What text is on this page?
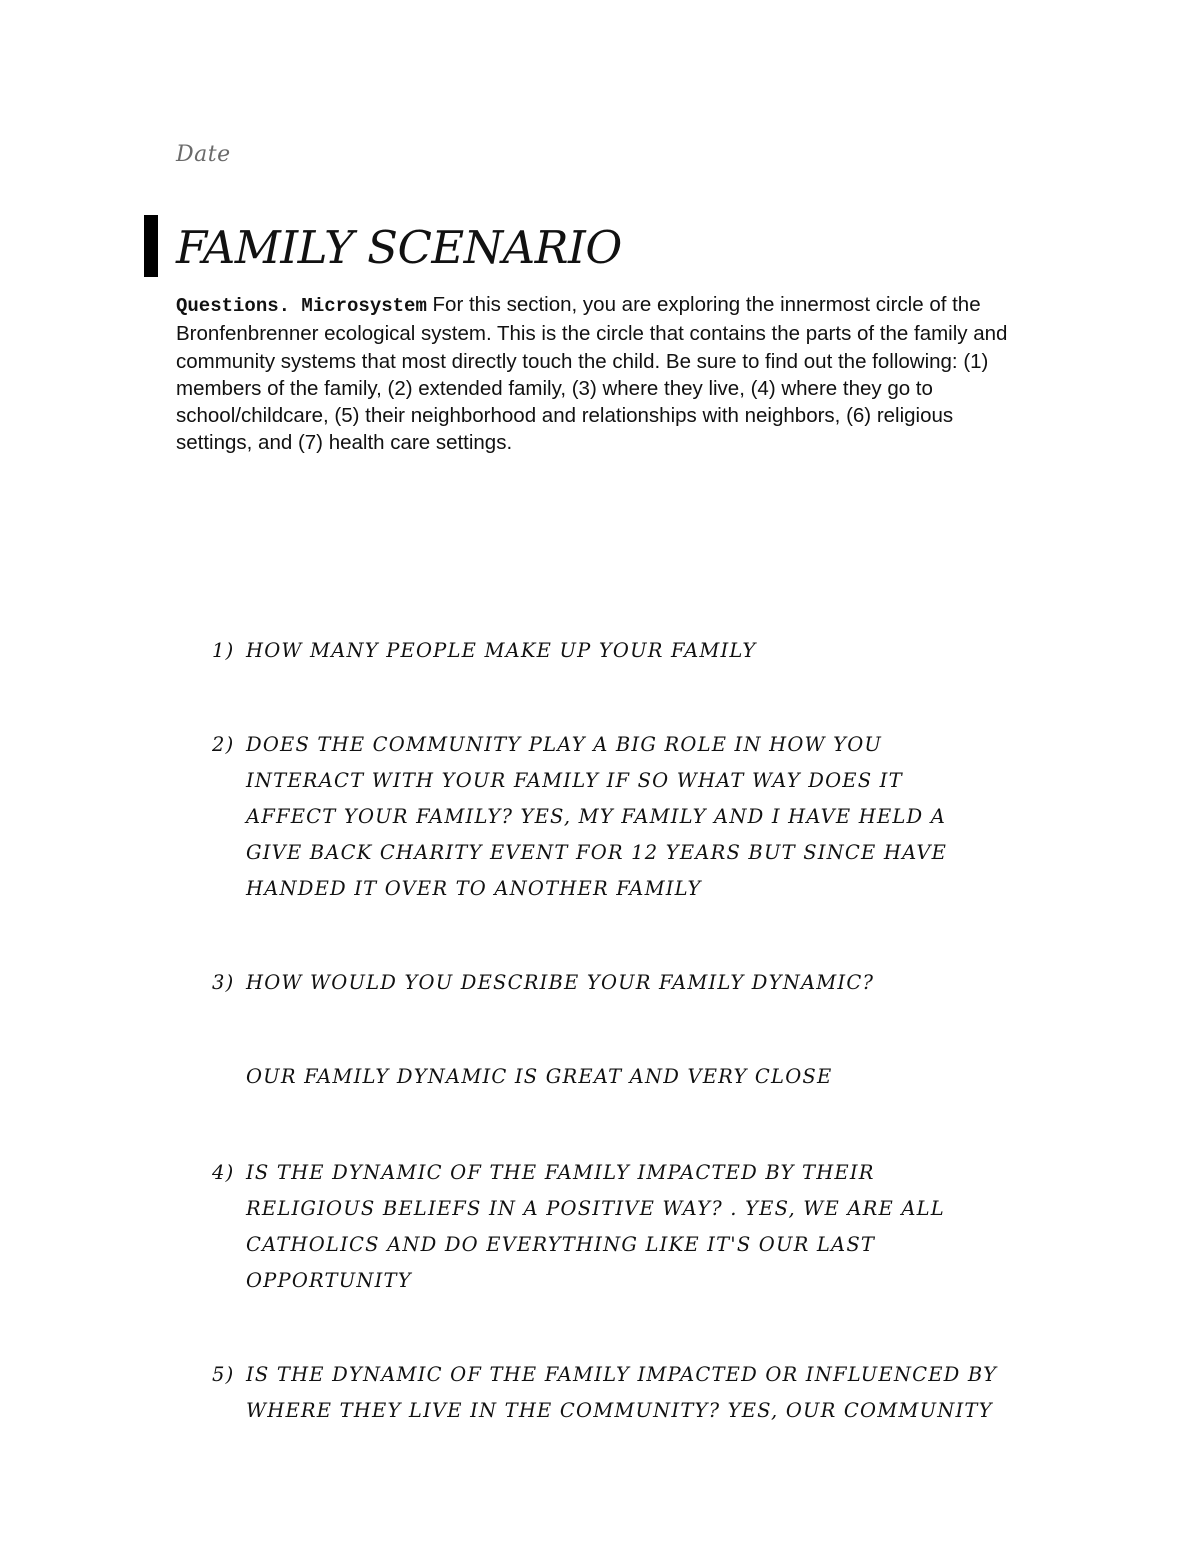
Date
FAMILY SCENARIO
Questions. Microsystem For this section, you are exploring the innermost circle of the Bronfenbrenner ecological system. This is the circle that contains the parts of the family and community systems that most directly touch the child. Be sure to find out the following: (1) members of the family, (2) extended family, (3) where they live, (4) where they go to school/childcare, (5) their neighborhood and relationships with neighbors, (6) religious settings, and (7) health care settings.
1) HOW MANY PEOPLE MAKE UP YOUR FAMILY
2) DOES THE COMMUNITY PLAY A BIG ROLE IN HOW YOU INTERACT WITH YOUR FAMILY IF SO WHAT WAY DOES IT AFFECT YOUR FAMILY? YES, MY FAMILY AND I HAVE HELD A GIVE BACK CHARITY EVENT FOR 12 YEARS BUT SINCE HAVE HANDED IT OVER TO ANOTHER FAMILY
3) HOW WOULD YOU DESCRIBE YOUR FAMILY DYNAMIC?
OUR FAMILY DYNAMIC IS GREAT AND VERY CLOSE
4) IS THE DYNAMIC OF THE FAMILY IMPACTED BY THEIR RELIGIOUS BELIEFS IN A POSITIVE WAY? . YES, WE ARE ALL CATHOLICS AND DO EVERYTHING LIKE IT'S OUR LAST OPPORTUNITY
5) IS THE DYNAMIC OF THE FAMILY IMPACTED OR INFLUENCED BY WHERE THEY LIVE IN THE COMMUNITY? YES, OUR COMMUNITY
